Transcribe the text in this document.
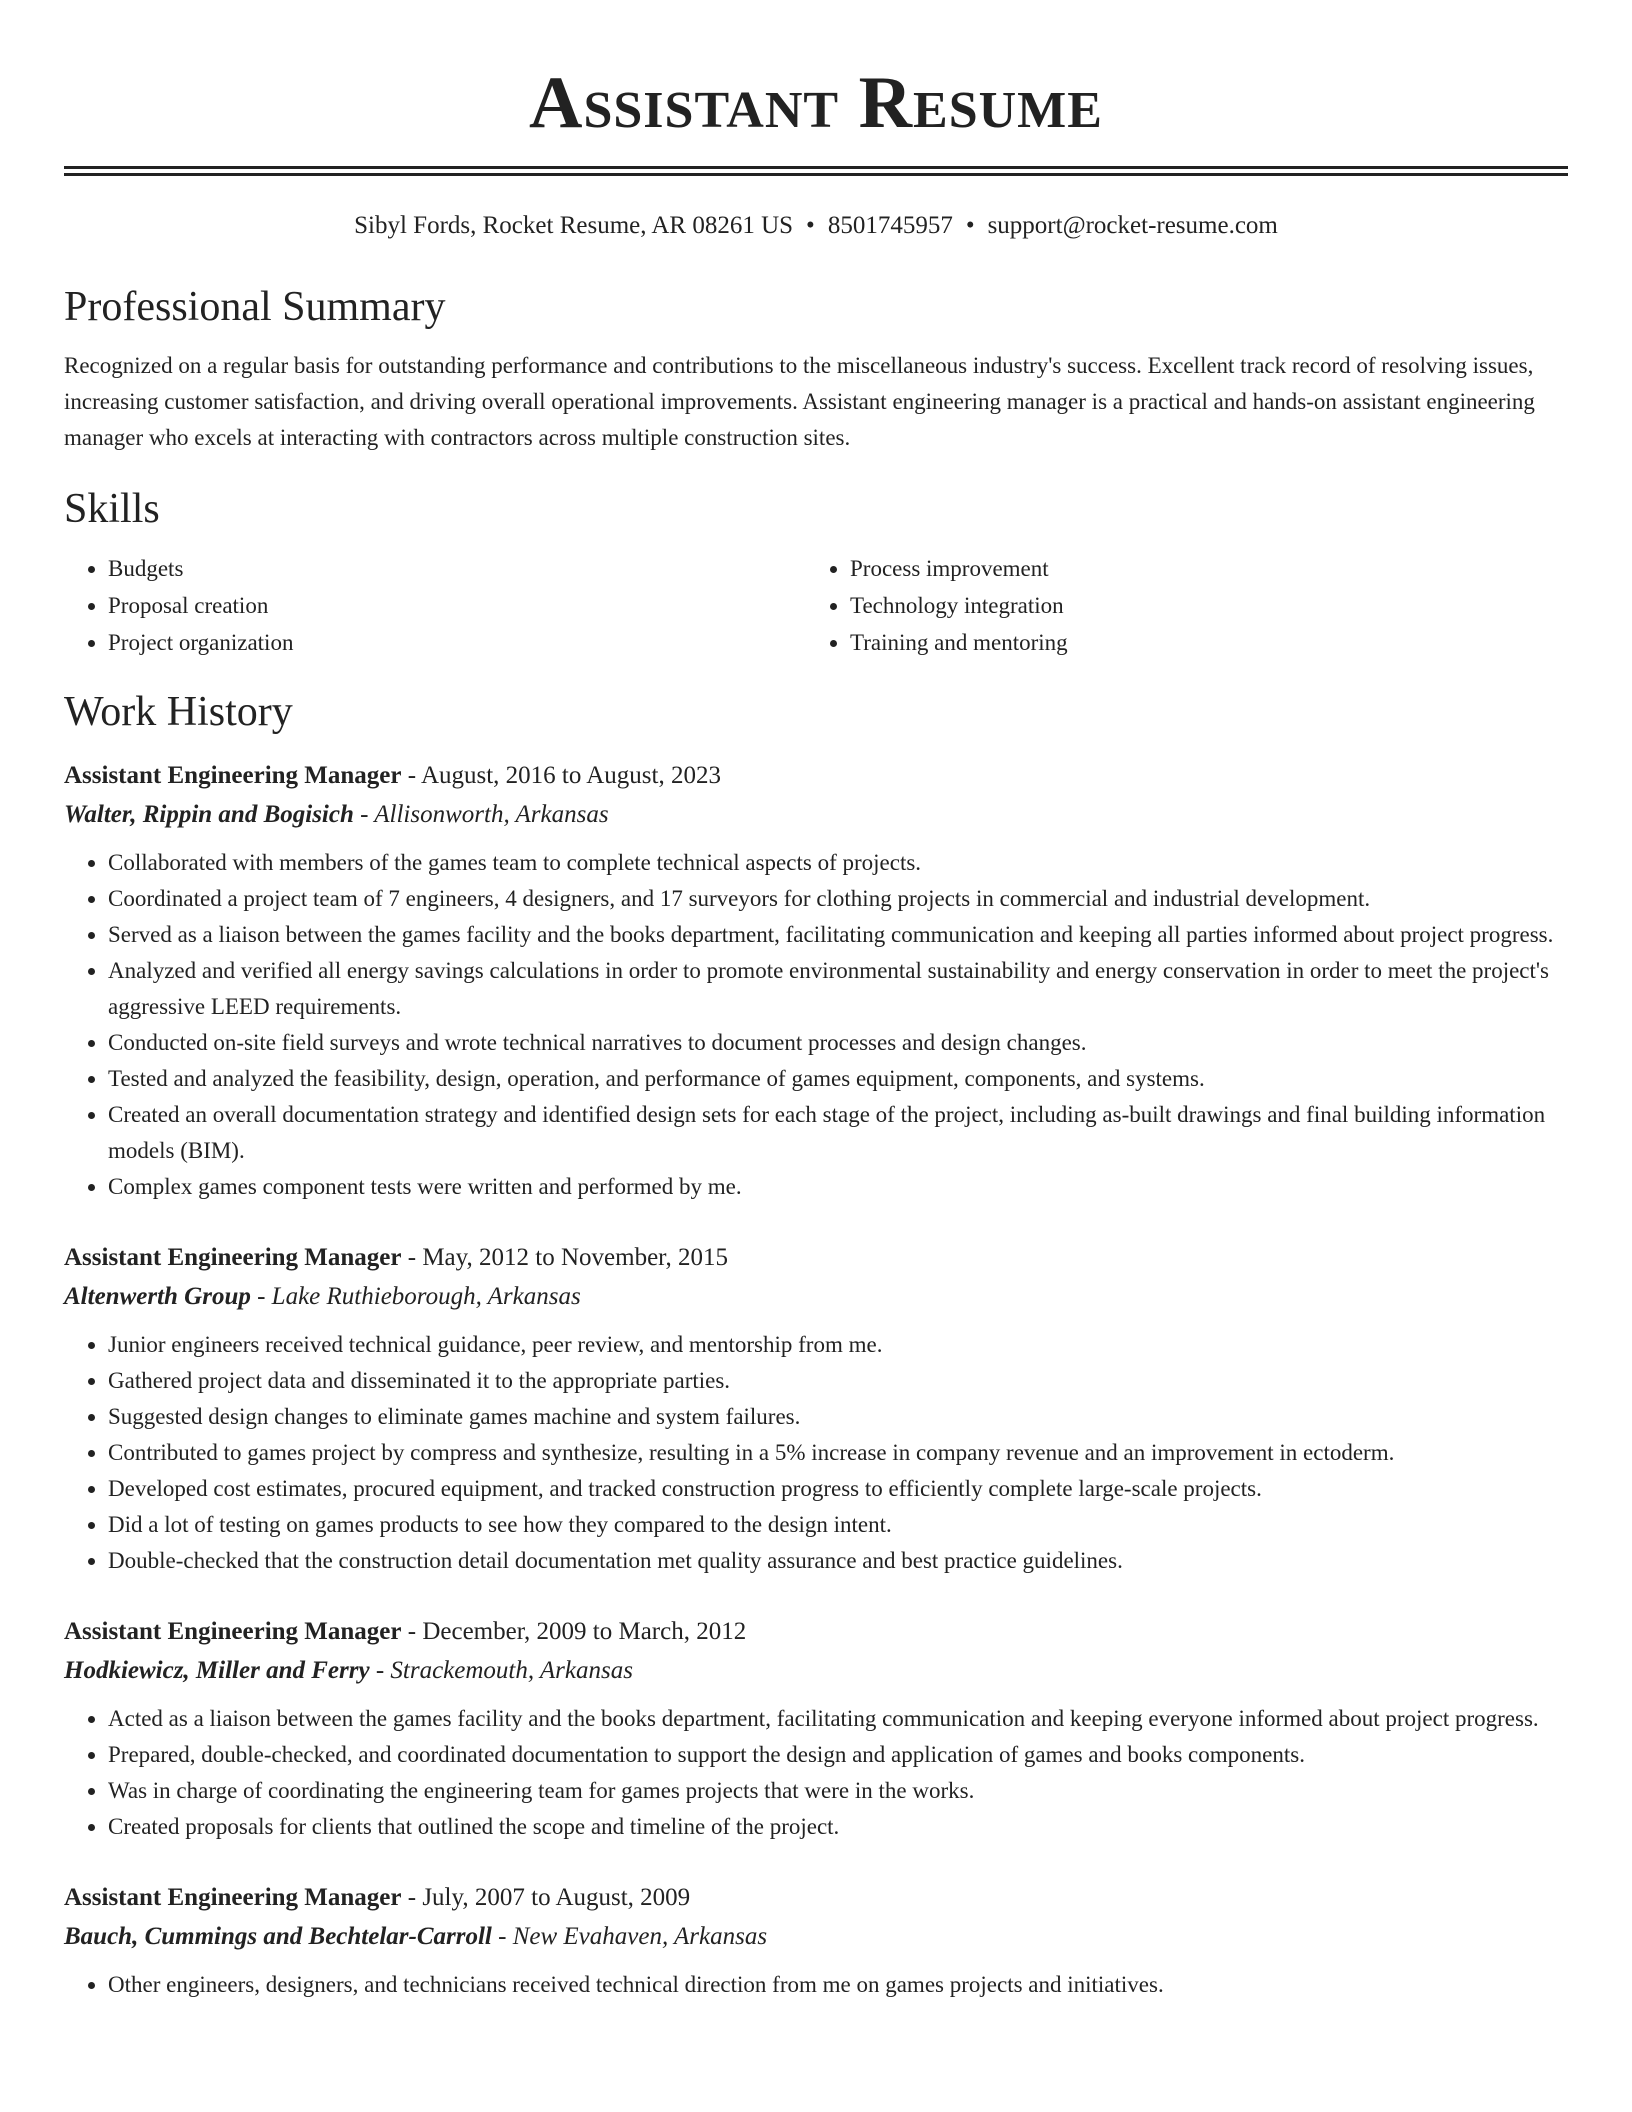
Assistant Resume
Sibyl Fords, Rocket Resume, AR 08261 US • 8501745957 • support@rocket-resume.com
Professional Summary

Recognized on a regular basis for outstanding performance and contributions to the miscellaneous industry's success. Excellent track record of resolving issues, increasing customer satisfaction, and driving overall operational improvements. Assistant engineering manager is a practical and hands-on assistant engineering manager who excels at interacting with contractors across multiple construction sites.

Skills
• Budgets
• Proposal creation
• Project organization
• Process improvement
• Technology integration
• Training and mentoring
Work History
Assistant Engineering Manager - August, 2016 to August, 2023
Walter, Rippin and Bogisich - Allisonworth, Arkansas
• Collaborated with members of the games team to complete technical aspects of projects.
• Coordinated a project team of 7 engineers, 4 designers, and 17 surveyors for clothing projects in commercial and industrial development.
• Served as a liaison between the games facility and the books department, facilitating communication and keeping all parties informed about project progress.
• Analyzed and verified all energy savings calculations in order to promote environmental sustainability and energy conservation in order to meet the project's aggressive LEED requirements.
• Conducted on-site field surveys and wrote technical narratives to document processes and design changes.
• Tested and analyzed the feasibility, design, operation, and performance of games equipment, components, and systems.
• Created an overall documentation strategy and identified design sets for each stage of the project, including as-built drawings and final building information models (BIM).
• Complex games component tests were written and performed by me.
Assistant Engineering Manager - May, 2012 to November, 2015
Altenwerth Group - Lake Ruthieborough, Arkansas
• Junior engineers received technical guidance, peer review, and mentorship from me.
• Gathered project data and disseminated it to the appropriate parties.
• Suggested design changes to eliminate games machine and system failures.
• Contributed to games project by compress and synthesize, resulting in a 5% increase in company revenue and an improvement in ectoderm.
• Developed cost estimates, procured equipment, and tracked construction progress to efficiently complete large-scale projects.
• Did a lot of testing on games products to see how they compared to the design intent.
• Double-checked that the construction detail documentation met quality assurance and best practice guidelines.
Assistant Engineering Manager - December, 2009 to March, 2012
Hodkiewicz, Miller and Ferry - Strackemouth, Arkansas
• Acted as a liaison between the games facility and the books department, facilitating communication and keeping everyone informed about project progress.
• Prepared, double-checked, and coordinated documentation to support the design and application of games and books components.
• Was in charge of coordinating the engineering team for games projects that were in the works.
• Created proposals for clients that outlined the scope and timeline of the project.
Assistant Engineering Manager - July, 2007 to August, 2009
Bauch, Cummings and Bechtelar-Carroll - New Evahaven, Arkansas
• Other engineers, designers, and technicians received technical direction from me on games projects and initiatives.
